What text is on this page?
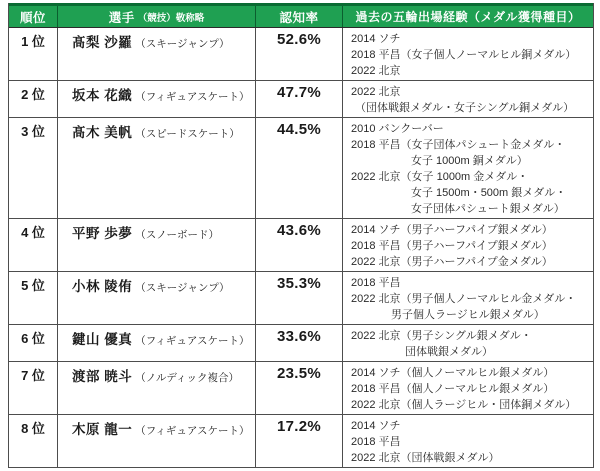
順位	選手 （競技）敬称略	認知率	過去の五輪出場経験（メダル獲得種目）
1 位	髙梨 沙羅 （スキージャンプ）	52.6%	2014 ソチ
2018 平昌（女子個人ノーマルヒル銅メダル）
2022 北京
2 位	坂本 花織 （フィギュアスケート）	47.7%	2022 北京
（団体戦銀メダル・女子シングル銅メダル）
3 位	髙木 美帆 （スピードスケート）	44.5%	2010 バンクーバー
2018 平昌（女子団体パシュート金メダル・
女子 1000m 銅メダル）
2022 北京（女子 1000m 金メダル・
女子 1500m・500m 銀メダル・
女子団体パシュート銀メダル）
4 位	平野 歩夢 （スノーボード）	43.6%	2014 ソチ（男子ハーフパイプ銀メダル）
2018 平昌（男子ハーフパイプ銀メダル）
2022 北京（男子ハーフパイプ金メダル）
5 位	小林 陵侑 （スキージャンプ）	35.3%	2018 平昌
2022 北京（男子個人ノーマルヒル金メダル・
男子個人ラージヒル銀メダル）
6 位	鍵山 優真 （フィギュアスケート）	33.6%	2022 北京（男子シングル銀メダル・
団体戦銀メダル）
7 位	渡部 暁斗 （ノルディック複合）	23.5%	2014 ソチ（個人ノーマルヒル銀メダル）
2018 平昌（個人ノーマルヒル銀メダル）
2022 北京（個人ラージヒル・団体銅メダル）
8 位	木原 龍一 （フィギュアスケート）	17.2%	2014 ソチ
2018 平昌
2022 北京（団体戦銀メダル）
